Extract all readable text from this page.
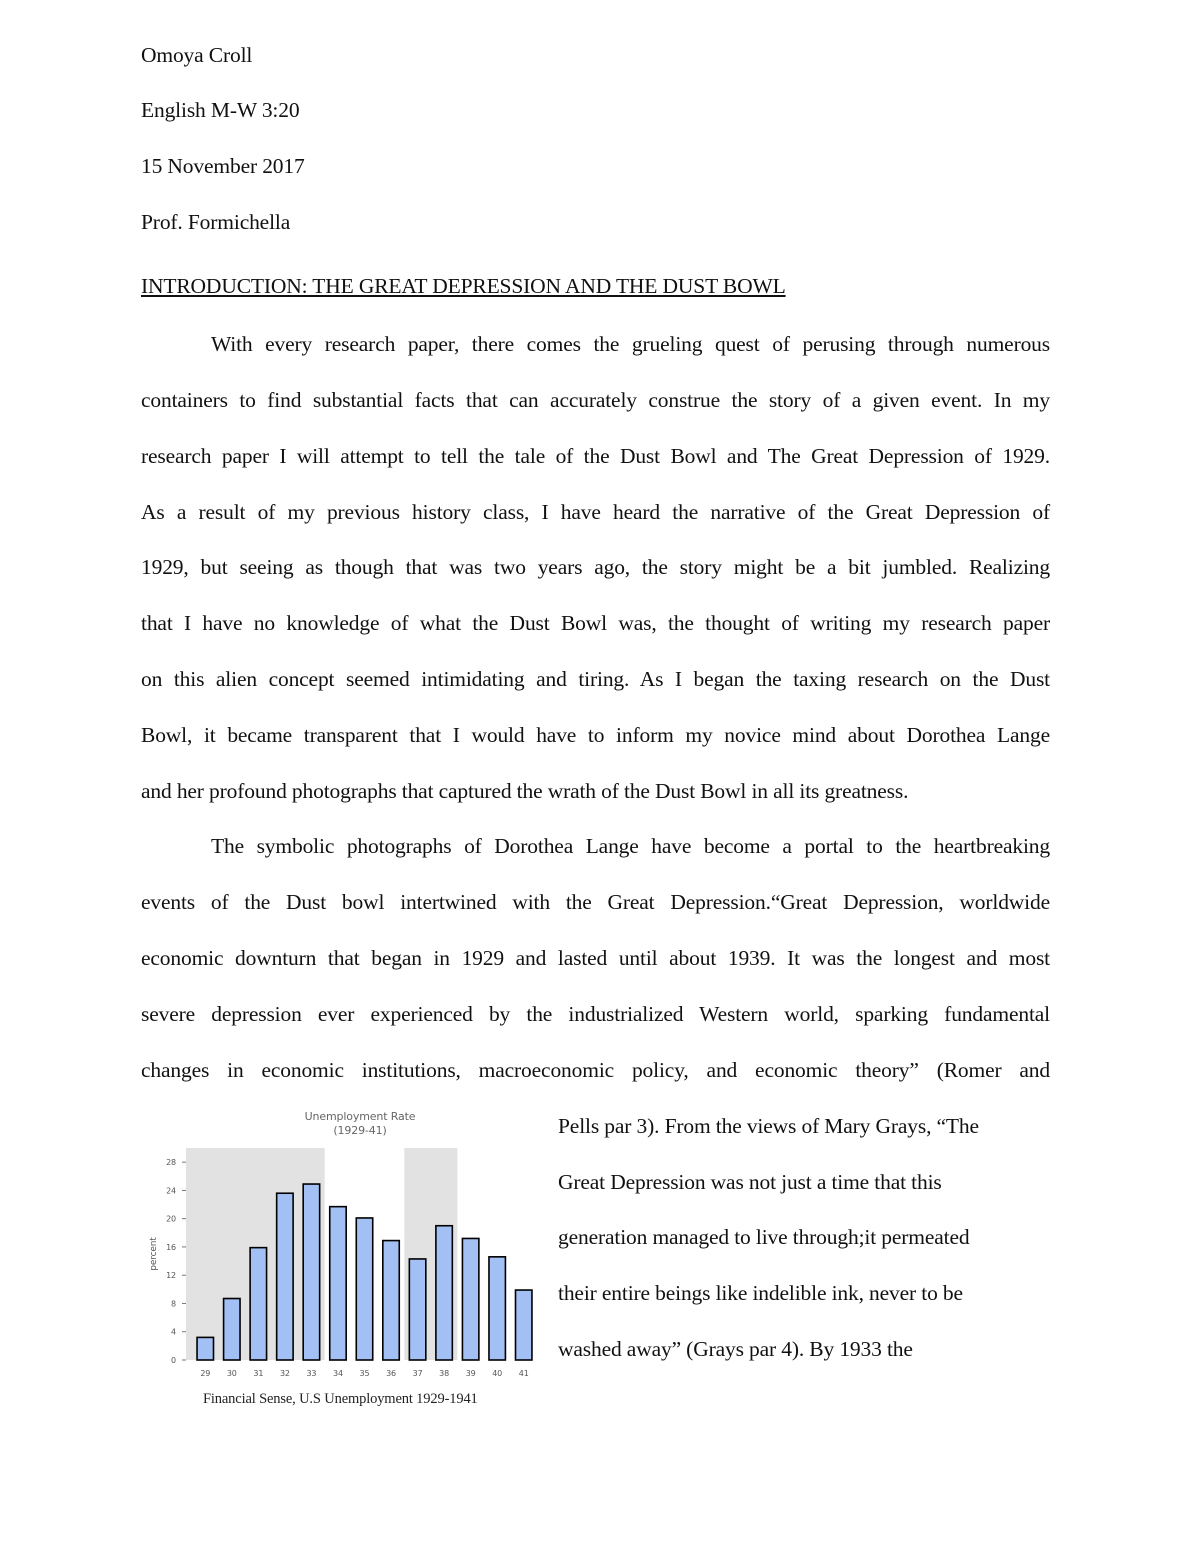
Omoya Croll
English M-W 3:20
15 November 2017
Prof. Formichella
INTRODUCTION: THE GREAT DEPRESSION AND THE DUST BOWL
With every research paper, there comes the grueling quest of perusing through numerous
containers to find substantial facts that can accurately construe the story of a given event. In my
research paper I will attempt to tell the tale of the Dust Bowl and The Great Depression of 1929.
As a result of my previous history class, I have heard the narrative of the Great Depression of
1929, but seeing as though that was two years ago, the story might be a bit jumbled. Realizing
that I have no knowledge of what the Dust Bowl was, the thought of writing my research paper
on this alien concept seemed intimidating and tiring. As I began the taxing research on the Dust
Bowl, it became transparent that I would have to inform my novice mind about Dorothea Lange
and her profound photographs that captured the wrath of the Dust Bowl in all its greatness.
The symbolic photographs of Dorothea Lange have become a portal to the heartbreaking
events of the Dust bowl intertwined with the Great Depression.“Great Depression, worldwide
economic downturn that began in 1929 and lasted until about 1939. It was the longest and most
severe depression ever experienced by the industrialized Western world, sparking fundamental
changes in economic institutions, macroeconomic policy, and economic theory” (Romer and
Pells par 3). From the views of Mary Grays, “The
Great Depression was not just a time that this
generation managed to live through;it permeated
their entire beings like indelible ink, never to be
washed away” (Grays par 4). By 1933 the
0
4
8
12
16
20
24
28
percent
29 30 31 32 33 34 35 36 37 38 39 40 41
Unemployment Rate
(1929-41)
Financial Sense, U.S Unemployment 1929-1941
